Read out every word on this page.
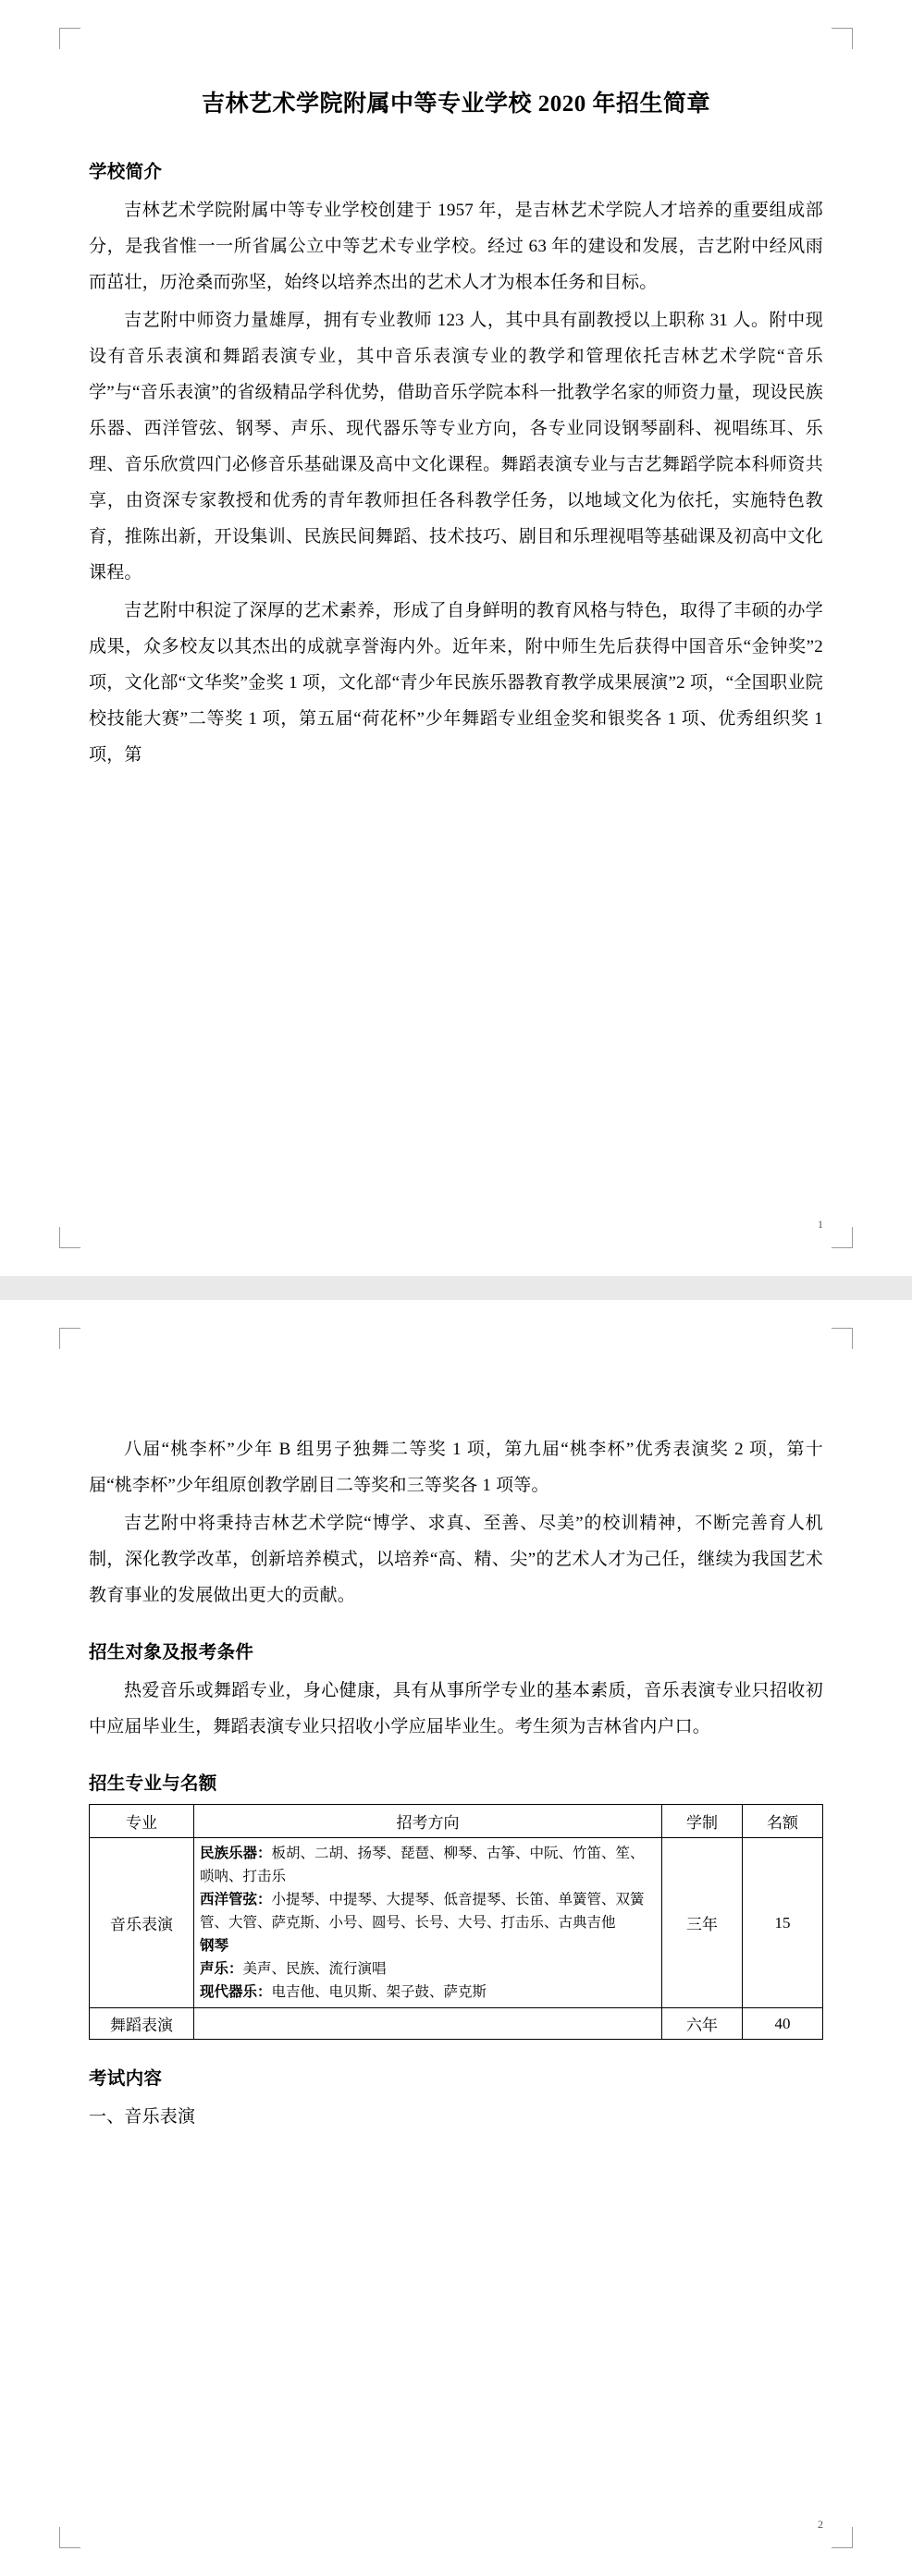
吉林艺术学院附属中等专业学校 2020 年招生简章
学校简介

吉林艺术学院附属中等专业学校创建于 1957 年，是吉林艺术学院人才培养的重要组成部分，是我省惟一一所省属公立中等艺术专业学校。经过 63 年的建设和发展，吉艺附中经风雨而茁壮，历沧桑而弥坚，始终以培养杰出的艺术人才为根本任务和目标。

吉艺附中师资力量雄厚，拥有专业教师 123 人，其中具有副教授以上职称 31 人。附中现设有音乐表演和舞蹈表演专业，其中音乐表演专业的教学和管理依托吉林艺术学院“音乐学”与“音乐表演”的省级精品学科优势，借助音乐学院本科一批教学名家的师资力量，现设民族乐器、西洋管弦、钢琴、声乐、现代器乐等专业方向，各专业同设钢琴副科、视唱练耳、乐理、音乐欣赏四门必修音乐基础课及高中文化课程。舞蹈表演专业与吉艺舞蹈学院本科师资共享，由资深专家教授和优秀的青年教师担任各科教学任务，以地域文化为依托，实施特色教育，推陈出新，开设集训、民族民间舞蹈、技术技巧、剧目和乐理视唱等基础课及初高中文化课程。

吉艺附中积淀了深厚的艺术素养，形成了自身鲜明的教育风格与特色，取得了丰硕的办学成果，众多校友以其杰出的成就享誉海内外。近年来，附中师生先后获得中国音乐“金钟奖”2 项，文化部“文华奖”金奖 1 项，文化部“青少年民族乐器教育教学成果展演”2 项，“全国职业院校技能大赛”二等奖 1 项，第五届“荷花杯”少年舞蹈专业组金奖和银奖各 1 项、优秀组织奖 1 项，第

1

八届“桃李杯”少年 B 组男子独舞二等奖 1 项，第九届“桃李杯”优秀表演奖 2 项，第十届“桃李杯”少年组原创教学剧目二等奖和三等奖各 1 项等。

吉艺附中将秉持吉林艺术学院“博学、求真、至善、尽美”的校训精神，不断完善育人机制，深化教学改革，创新培养模式，以培养“高、精、尖”的艺术人才为己任，继续为我国艺术教育事业的发展做出更大的贡献。

招生对象及报考条件

热爱音乐或舞蹈专业，身心健康，具有从事所学专业的基本素质，音乐表演专业只招收初中应届毕业生，舞蹈表演专业只招收小学应届毕业生。考生须为吉林省内户口。

招生专业与名额
专业	招考方向	学制	名额
音乐表演	民族乐器：板胡、二胡、扬琴、琵琶、柳琴、古筝、中阮、竹笛、笙、唢呐、打击乐
西洋管弦：小提琴、中提琴、大提琴、低音提琴、长笛、单簧管、双簧管、大管、萨克斯、小号、圆号、长号、大号、打击乐、古典吉他
钢琴
声乐：美声、民族、流行演唱
现代器乐：电吉他、电贝斯、架子鼓、萨克斯	三年	15
舞蹈表演		六年	40
考试内容

一、音乐表演

2
